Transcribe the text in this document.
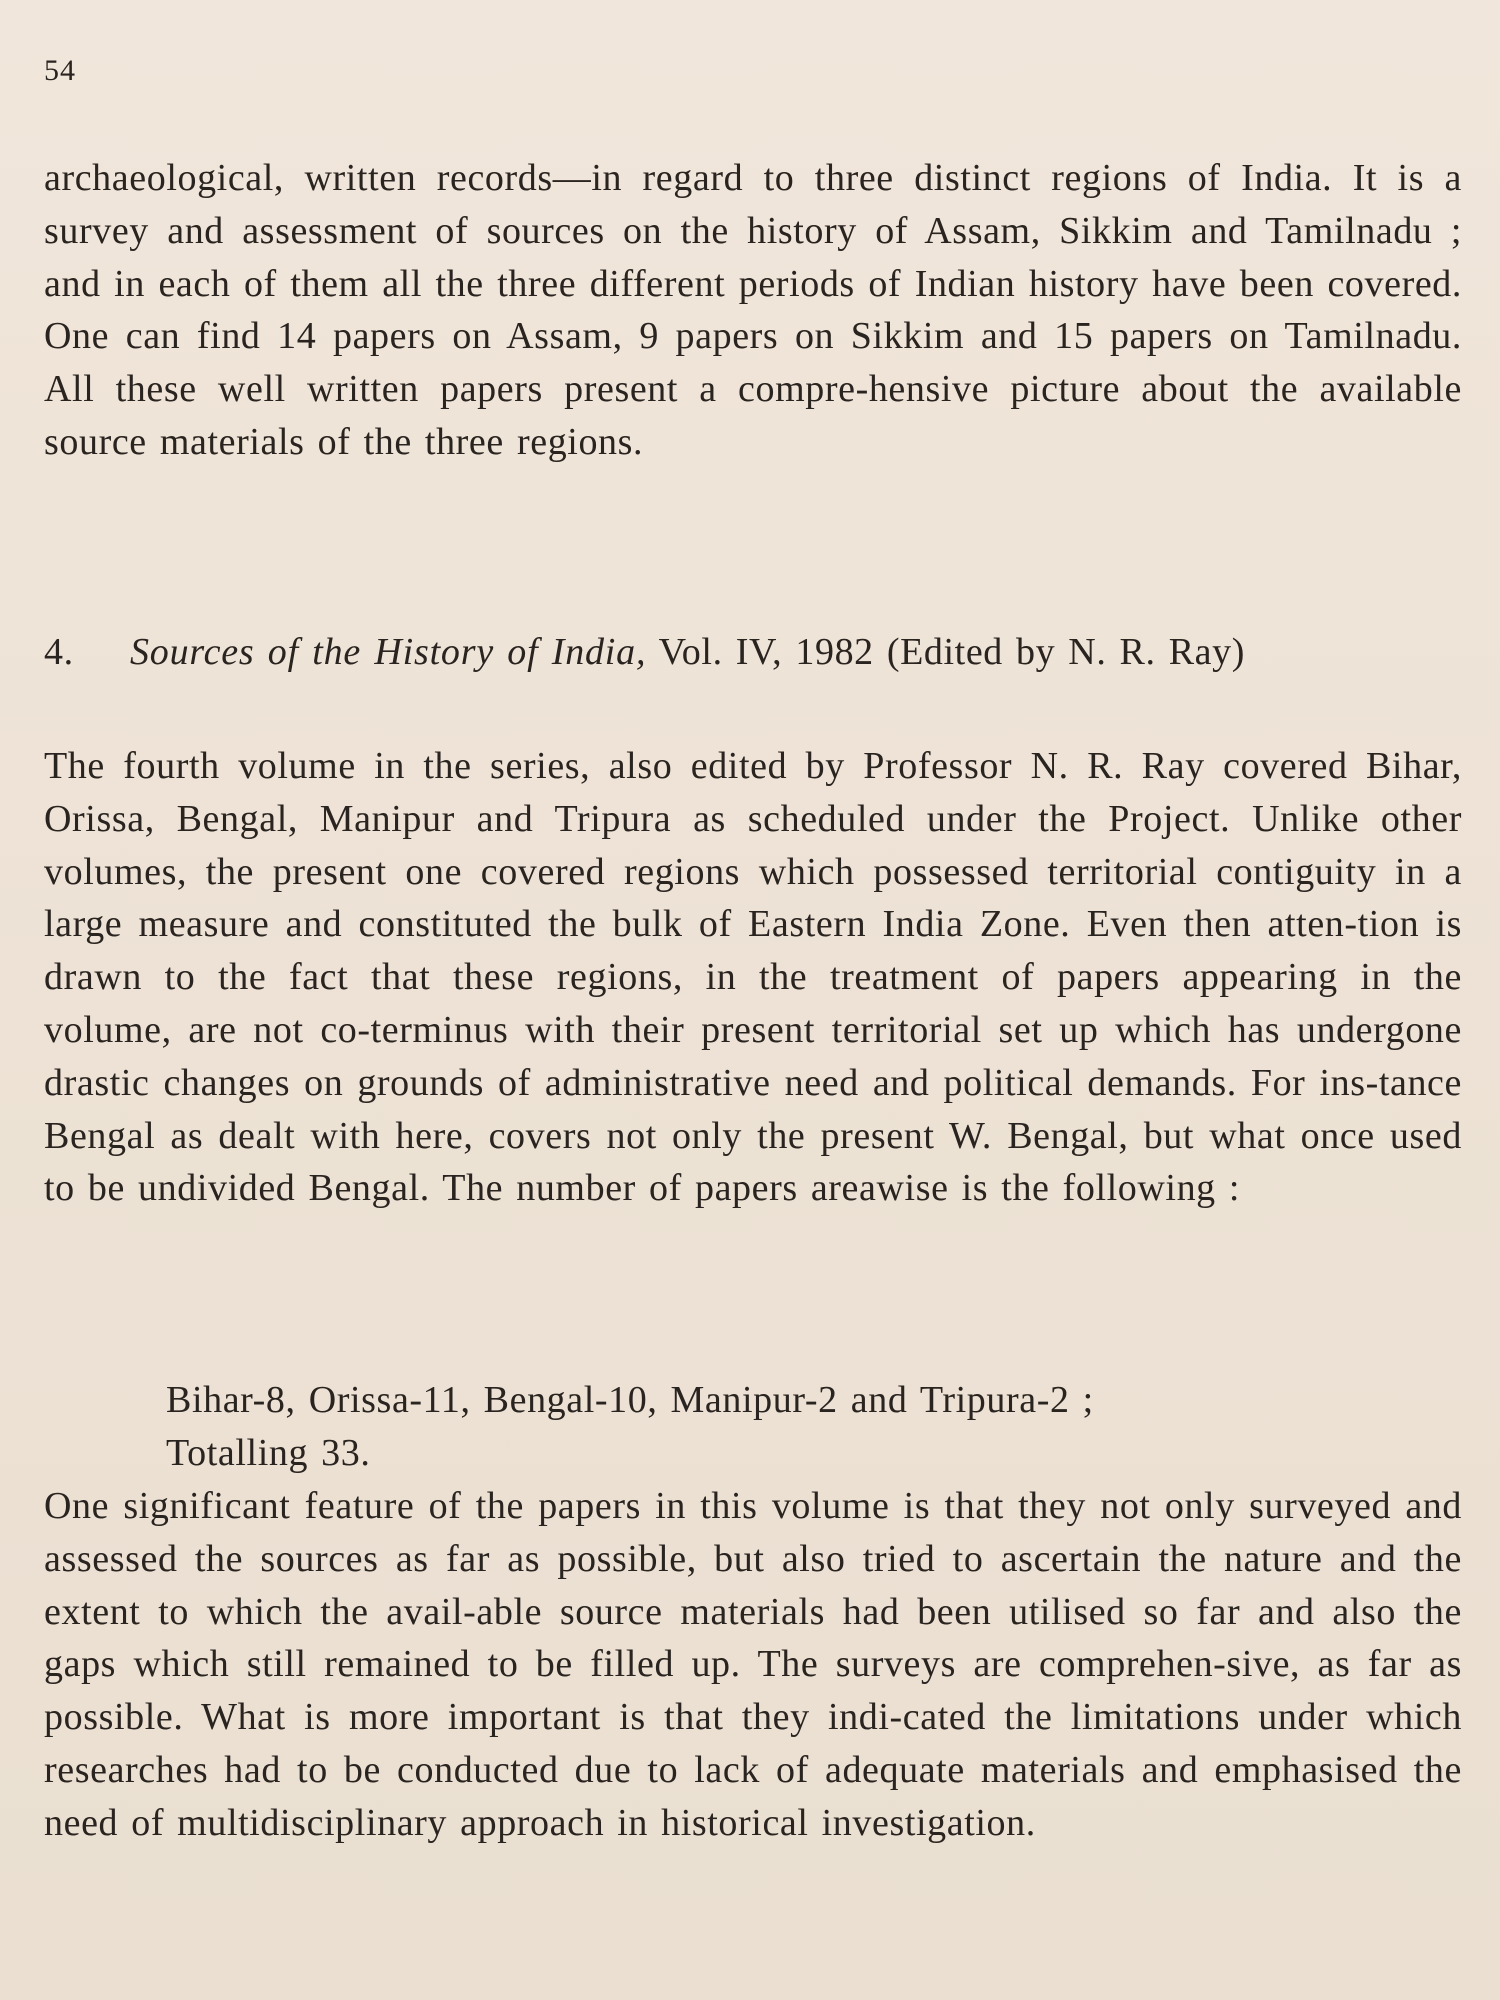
54

archaeological, written records—in regard to three distinct regions of India. It is a survey and assessment of sources on the history of Assam, Sikkim and Tamilnadu ; and in each of them all the three different periods of Indian history have been covered. One can find 14 papers on Assam, 9 papers on Sikkim and 15 papers on Tamilnadu. All these well written papers present a compre-hensive picture about the available source materials of the three regions.

4.	Sources of the History of India, Vol. IV, 1982 (Edited by N. R. Ray)

The fourth volume in the series, also edited by Professor N. R. Ray covered Bihar, Orissa, Bengal, Manipur and Tripura as scheduled under the Project. Unlike other volumes, the present one covered regions which possessed territorial contiguity in a large measure and constituted the bulk of Eastern India Zone. Even then atten-tion is drawn to the fact that these regions, in the treatment of papers appearing in the volume, are not co-terminus with their present territorial set up which has undergone drastic changes on grounds of administrative need and political demands. For ins-tance Bengal as dealt with here, covers not only the present W. Bengal, but what once used to be undivided Bengal. The number of papers areawise is the following :

Bihar-8, Orissa-11, Bengal-10, Manipur-2 and Tripura-2 ;
Totalling 33.

One significant feature of the papers in this volume is that they not only surveyed and assessed the sources as far as possible, but also tried to ascertain the nature and the extent to which the avail-able source materials had been utilised so far and also the gaps which still remained to be filled up. The surveys are comprehen-sive, as far as possible. What is more important is that they indi-cated the limitations under which researches had to be conducted due to lack of adequate materials and emphasised the need of multidisciplinary approach in historical investigation.
